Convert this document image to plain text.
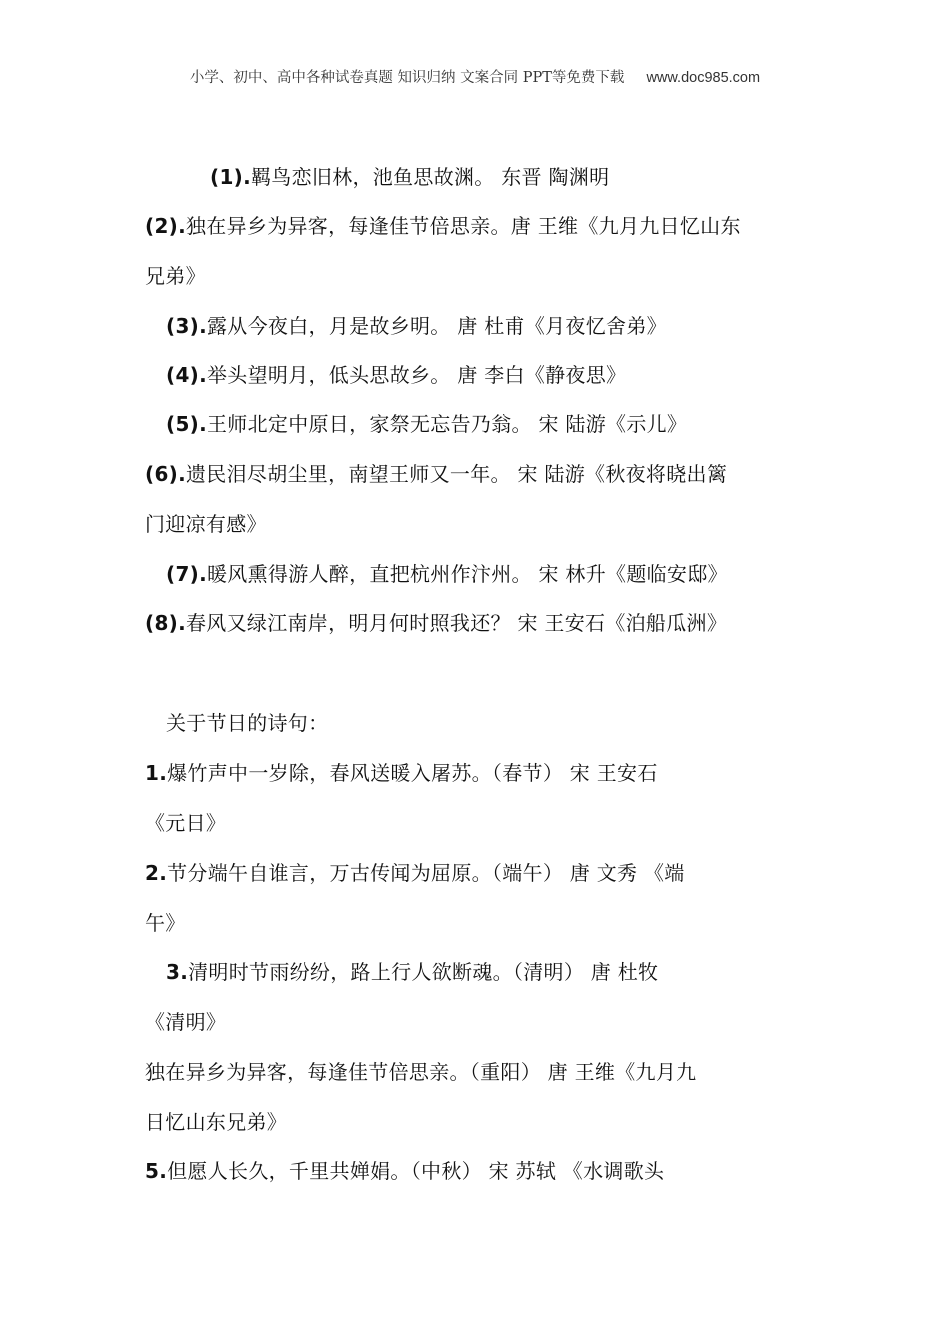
小学、初中、高中各种试卷真题 知识归纳 文案合同 PPT等免费下载 www.doc985.com
(1).羁鸟恋旧林，池鱼思故渊。 东晋 陶渊明
(2).独在异乡为异客，每逢佳节倍思亲。唐 王维《九月九日忆山东
兄弟》
(3).露从今夜白，月是故乡明。 唐 杜甫《月夜忆舍弟》
(4).举头望明月，低头思故乡。 唐 李白《静夜思》
(5).王师北定中原日，家祭无忘告乃翁。 宋 陆游《示儿》
(6).遗民泪尽胡尘里，南望王师又一年。 宋 陆游《秋夜将晓出篱
门迎凉有感》
(7).暖风熏得游人醉，直把杭州作汴州。 宋 林升《题临安邸》
(8).春风又绿江南岸，明月何时照我还？ 宋 王安石《泊船瓜洲》
关于节日的诗句：
1.爆竹声中一岁除，春风送暖入屠苏。（春节） 宋 王安石
《元日》
2.节分端午自谁言，万古传闻为屈原。（端午） 唐 文秀 《端
午》
3.清明时节雨纷纷，路上行人欲断魂。（清明） 唐 杜牧
《清明》
独在异乡为异客，每逢佳节倍思亲。（重阳） 唐 王维《九月九
日忆山东兄弟》
5.但愿人长久，千里共婵娟。（中秋） 宋 苏轼 《水调歌头
